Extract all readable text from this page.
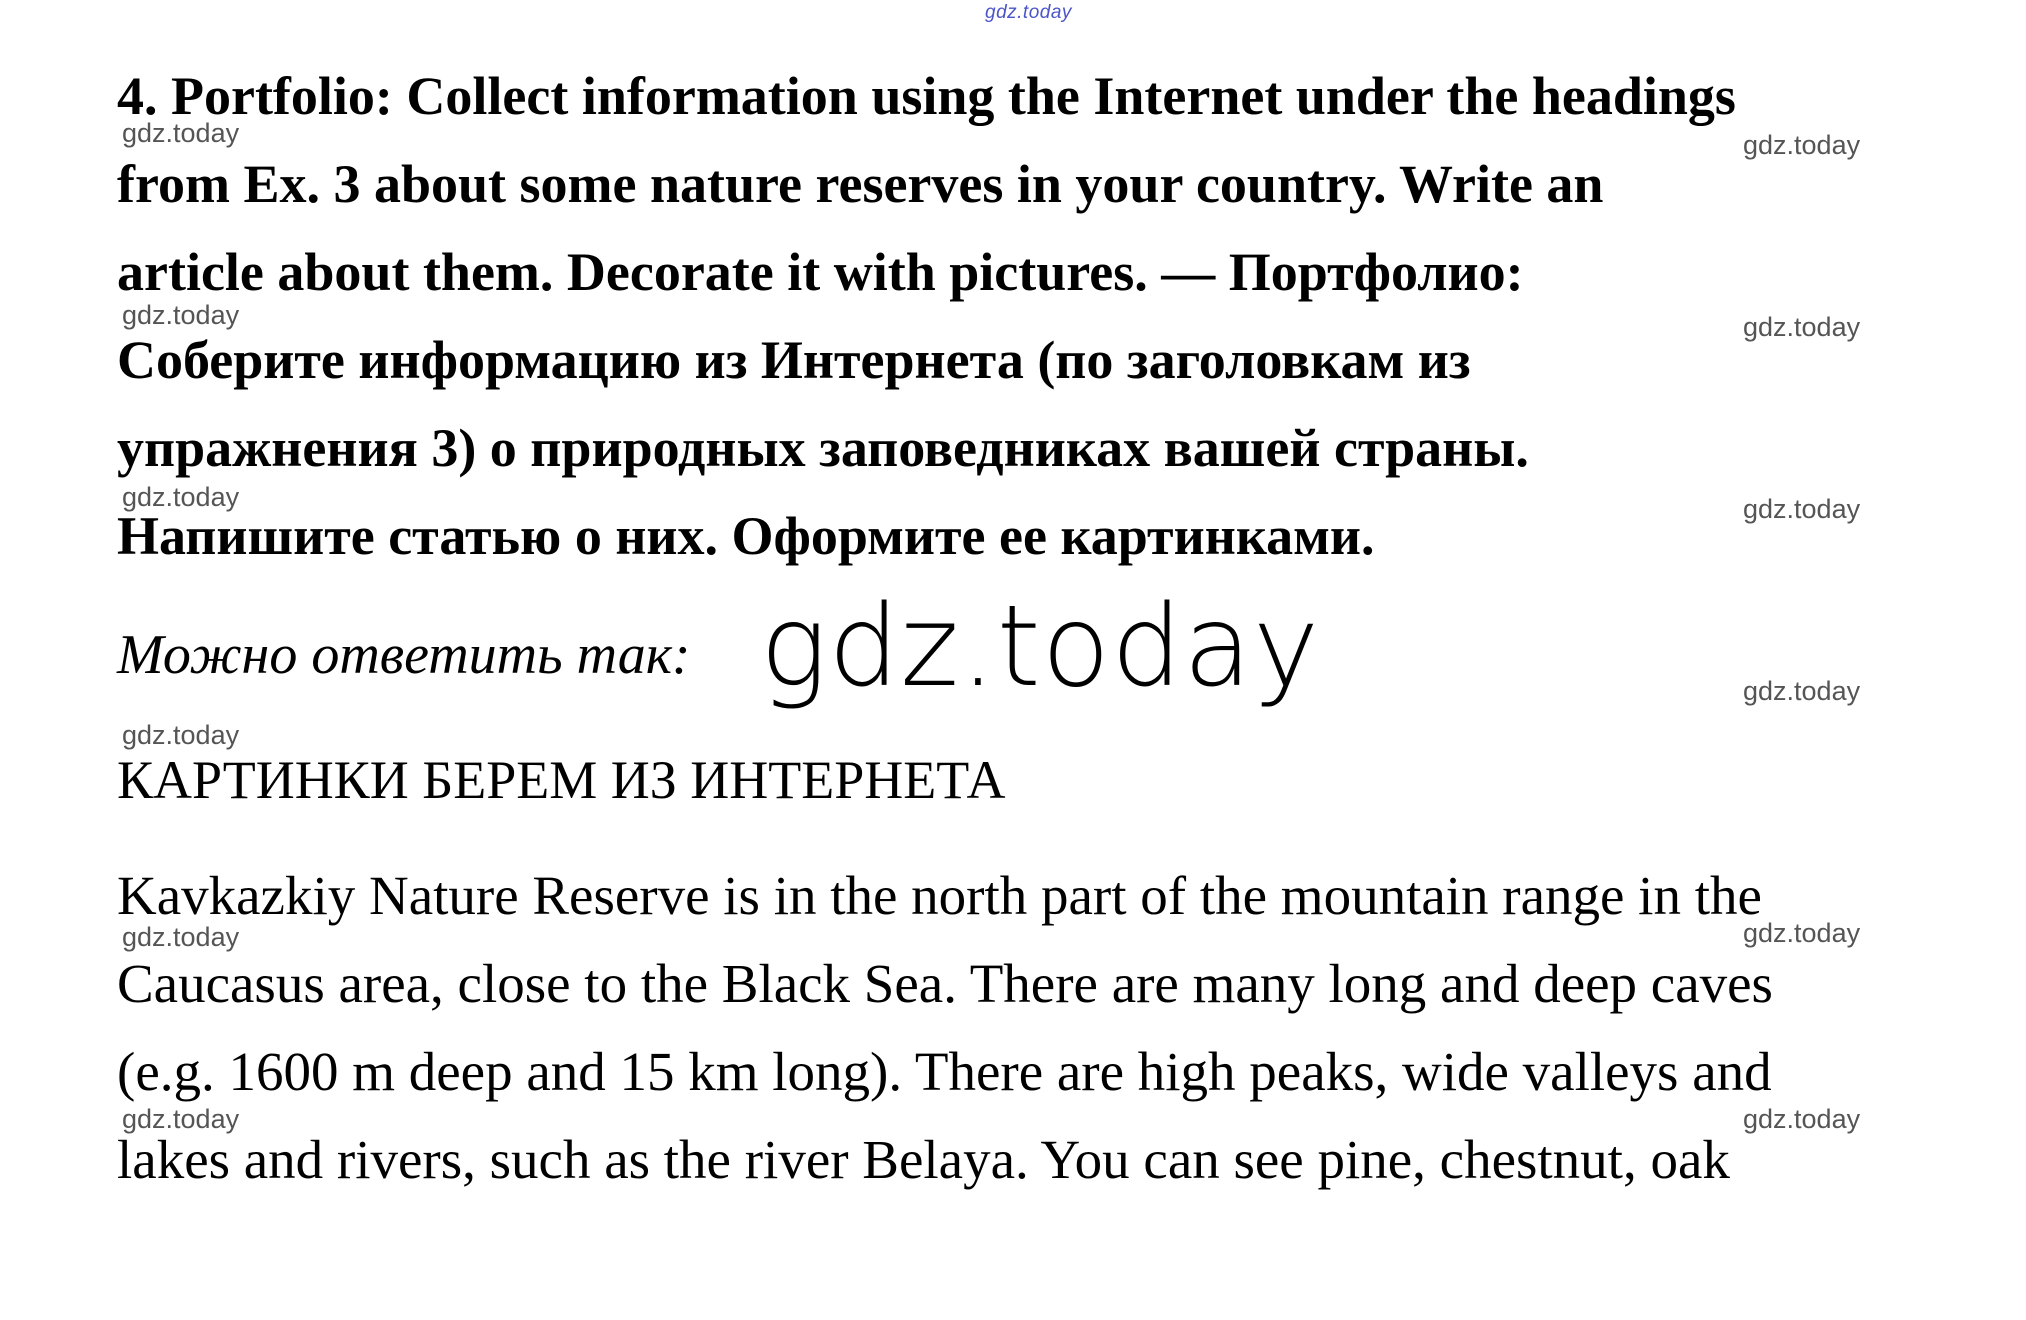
gdz.today
4. Portfolio: Collect information using the Internet under the headings
from Ex. 3 about some nature reserves in your country. Write an
article about them. Decorate it with pictures. — Портфолио:
Соберите информацию из Интернета (по заголовкам из
упражнения 3) о природных заповедниках вашей страны.
Напишите статью о них. Оформите ее картинками.
Можно ответить так: gdz.today
КАРТИНКИ БЕРЕМ ИЗ ИНТЕРНЕТА
Kavkazkiy Nature Reserve is in the north part of the mountain range in the
Caucasus area, close to the Black Sea. There are many long and deep caves
(e.g. 1600 m deep and 15 km long). There are high peaks, wide valleys and
lakes and rivers, such as the river Belaya. You can see pine, chestnut, oak
gdz.today	gdz.today
gdz.today	gdz.today
gdz.today	gdz.today
gdz.today
gdz.today
gdz.today	gdz.today
gdz.today	gdz.today
